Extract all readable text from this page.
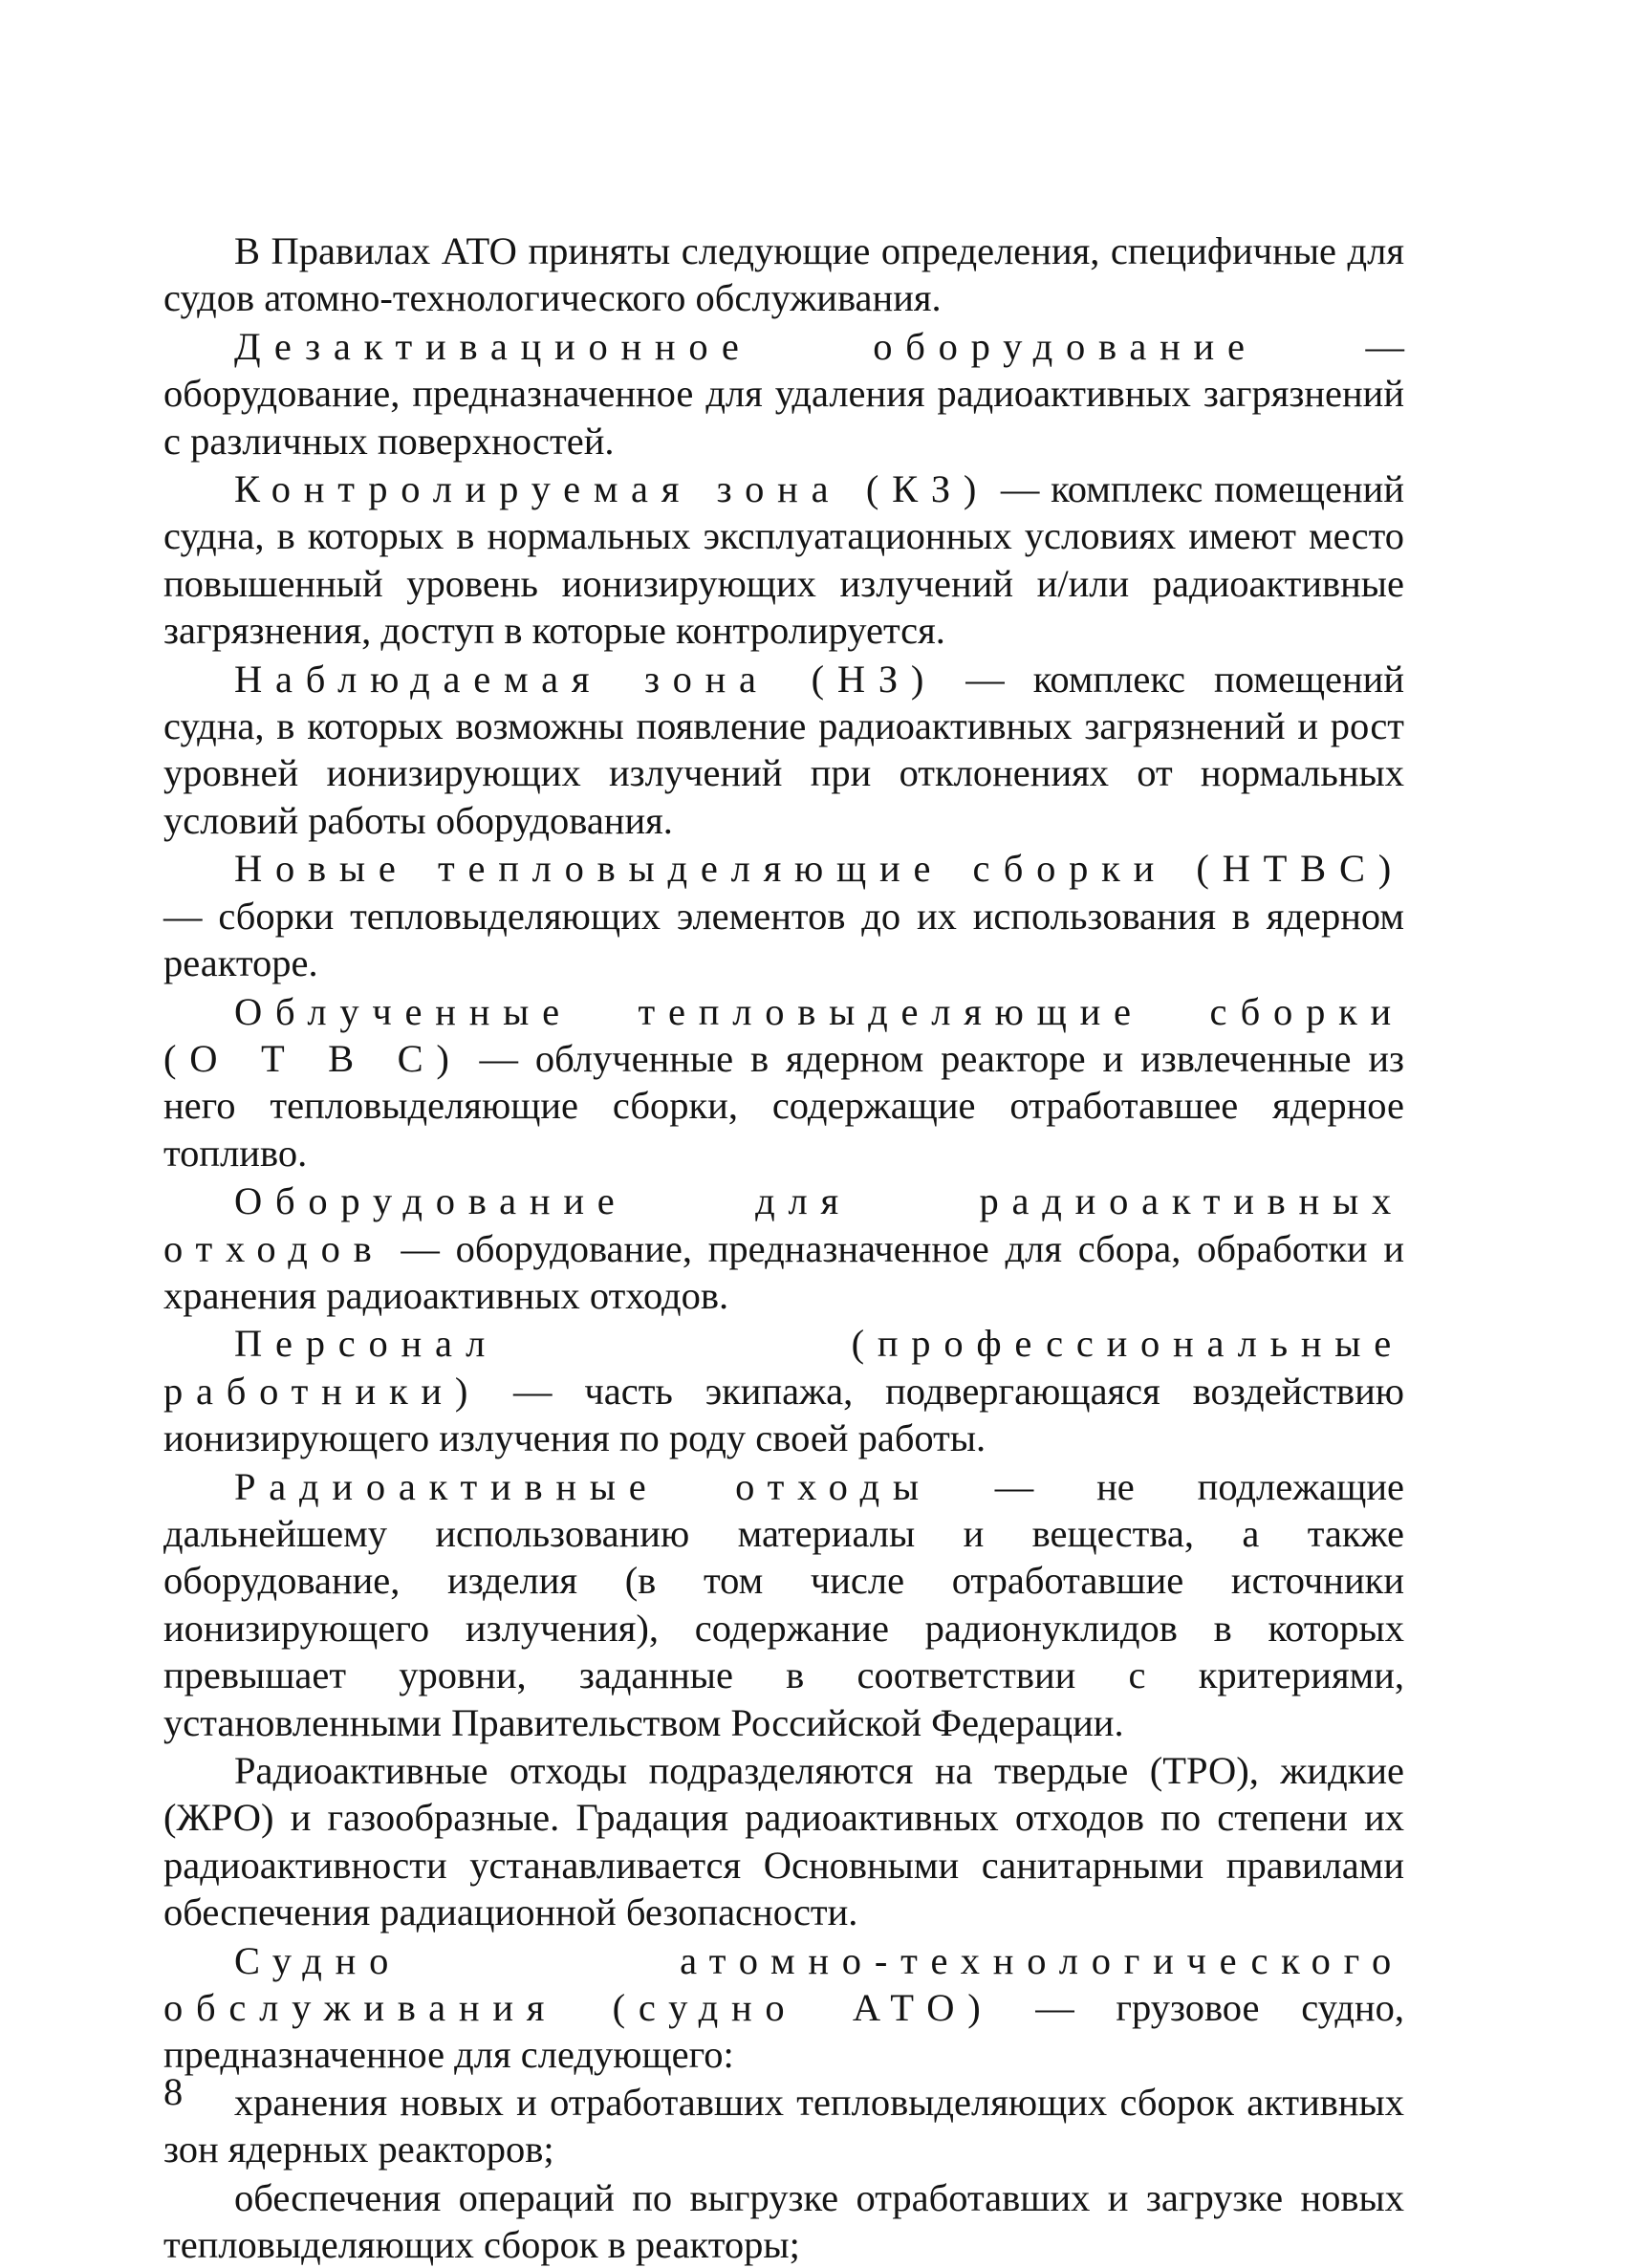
В Правилах АТО приняты следующие определения, специфичные для судов атомно-технологического обслуживания.

Дезактивационное оборудование — оборудование, предназначенное для удаления радиоактивных загрязнений с различных поверхностей.

Контролируемая зона (КЗ) — комплекс помещений судна, в которых в нормальных эксплуатационных условиях имеют место повышенный уровень ионизирующих излучений и/или радиоактивные загрязнения, доступ в которые контролируется.

Наблюдаемая зона (НЗ) — комплекс помещений судна, в которых возможны появление радиоактивных загрязнений и рост уровней ионизирующих излучений при отклонениях от нормальных условий работы оборудования.

Новые тепловыделяющие сборки (НТВС) — сборки тепловыделяющих элементов до их использования в ядерном реакторе.

Облученные тепловыделяющие сборки (О Т В С) — облученные в ядерном реакторе и извлеченные из него тепловыделяющие сборки, содержащие отработавшее ядерное топливо.

Оборудование для радиоактивных отходов — оборудование, предназначенное для сбора, обработки и хранения радиоактивных отходов.

Персонал (профессиональные работники) — часть экипажа, подвергающаяся воздействию ионизирующего излучения по роду своей работы.

Радиоактивные отходы — не подлежащие дальнейшему использованию материалы и вещества, а также оборудование, изделия (в том числе отработавшие источники ионизирующего излучения), содержание радионуклидов в которых превышает уровни, заданные в соответствии с критериями, установленными Правительством Российской Федерации.

Радиоактивные отходы подразделяются на твердые (ТРО), жидкие (ЖРО) и газообразные. Градация радиоактивных отходов по степени их радиоактивности устанавливается Основными санитарными правилами обеспечения радиационной безопасности.

Судно атомно-технологического обслуживания (судно АТО) — грузовое судно, предназначенное для следующего:

хранения новых и отработавших тепловыделяющих сборок активных зон ядерных реакторов;

обеспечения операций по выгрузке отработавших и загрузке новых тепловыделяющих сборок в реакторы;

8
